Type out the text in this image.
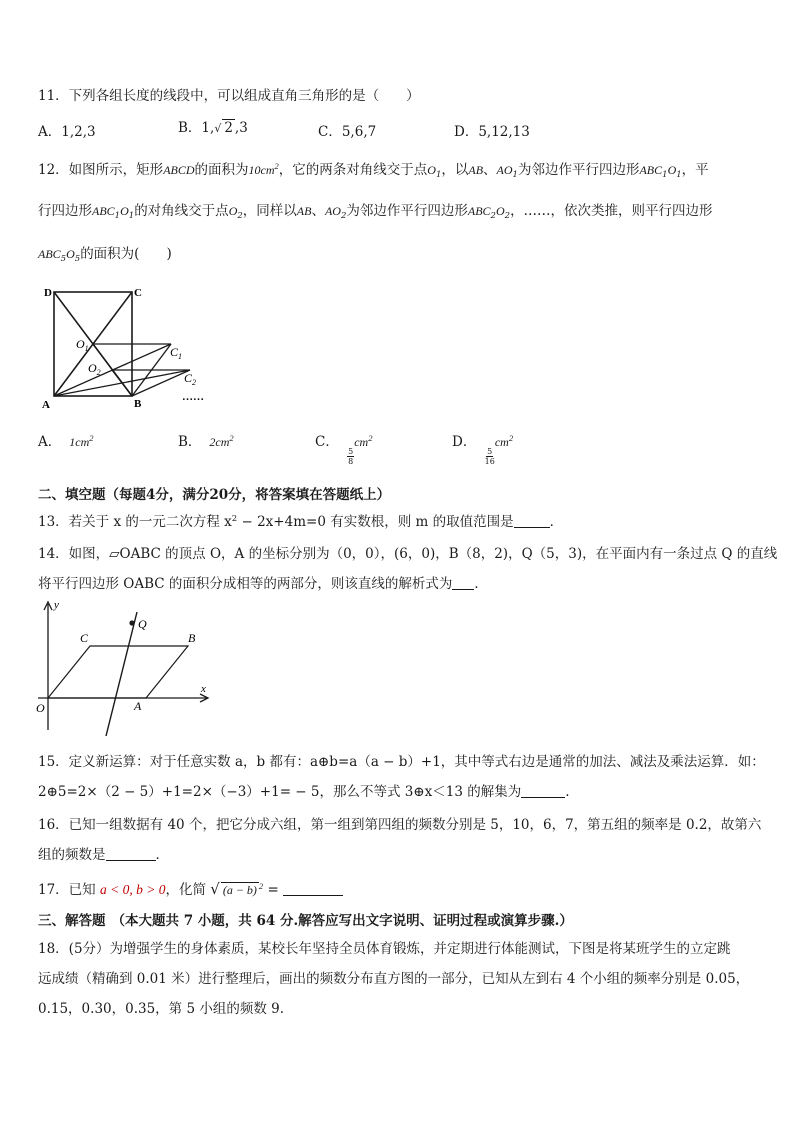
11．下列各组长度的线段中，可以组成直角三角形的是（　　）
A．1,2,3	B．1,√ 2 ,3	C．5,6,7	D．5,12,13
12．如图所示，矩形ABCD的面积为$10cm^2$，它的两条对角线交于点$O_1$，以AB、$AO_1$为邻边作平行四边形$ABC_1O_1$，平
行四边形$ABC_1O_1$的对角线交于点$O_2$，同样以AB、$AO_2$为邻边作平行四边形$ABC_2O_2$，……，依次类推，则平行四边形
$ABC_5O_5$的面积为(　　)
D	C
A	B
$O_1$
$O_2$
$C_1$
$C_2$
……
A． $1cm^2$	B． $2cm^2$	C．
$\frac{5}{8}$
$cm^2$	D．
$\frac{5}{16}$
$cm^2$
二、填空题（每题4分，满分20分，将答案填在答题纸上）
13．若关于 x 的一元二次方程 $x^2 - 2x+4m=0$ 有实数根，则 m 的取值范围是	．
14．如图，▱OABC 的顶点 O，A 的坐标分别为（0，0），(6，0)，B（8，2)，Q（5，3)，在平面内有一条过点 Q 的直线
将平行四边形 OABC 的面积分成相等的两部分，则该直线的解析式为 ．
y
x
O	A
B
C
Q
15．定义新运算：对于任意实数 a，b 都有：a⊕b=a（a − b）+1，其中等式右边是通常的加法、减法及乘法运算．如：
2⊕5=2×（2 − 5）+1=2×（−3）+1= − 5，那么不等式 3⊕x＜13 的解集为	.
16．已知一组数据有 40 个，把它分成六组，第一组到第四组的频数分别是 5，10，6，7，第五组的频率是 0.2，故第六
组的频数是	．
17．已知 a < 0, b > 0，化简 √ (a − b) $^2$ =
三、解答题 （本大题共 7 小题，共 64 分.解答应写出文字说明、证明过程或演算步骤.）
18．(5分）为增强学生的身体素质，某校长年坚持全员体育锻炼，并定期进行体能测试，下图是将某班学生的立定跳
远成绩（精确到 0.01 米）进行整理后，画出的频数分布直方图的一部分，已知从左到右 4 个小组的频率分别是 0.05，
0.15，0.30，0.35，第 5 小组的频数 9.
